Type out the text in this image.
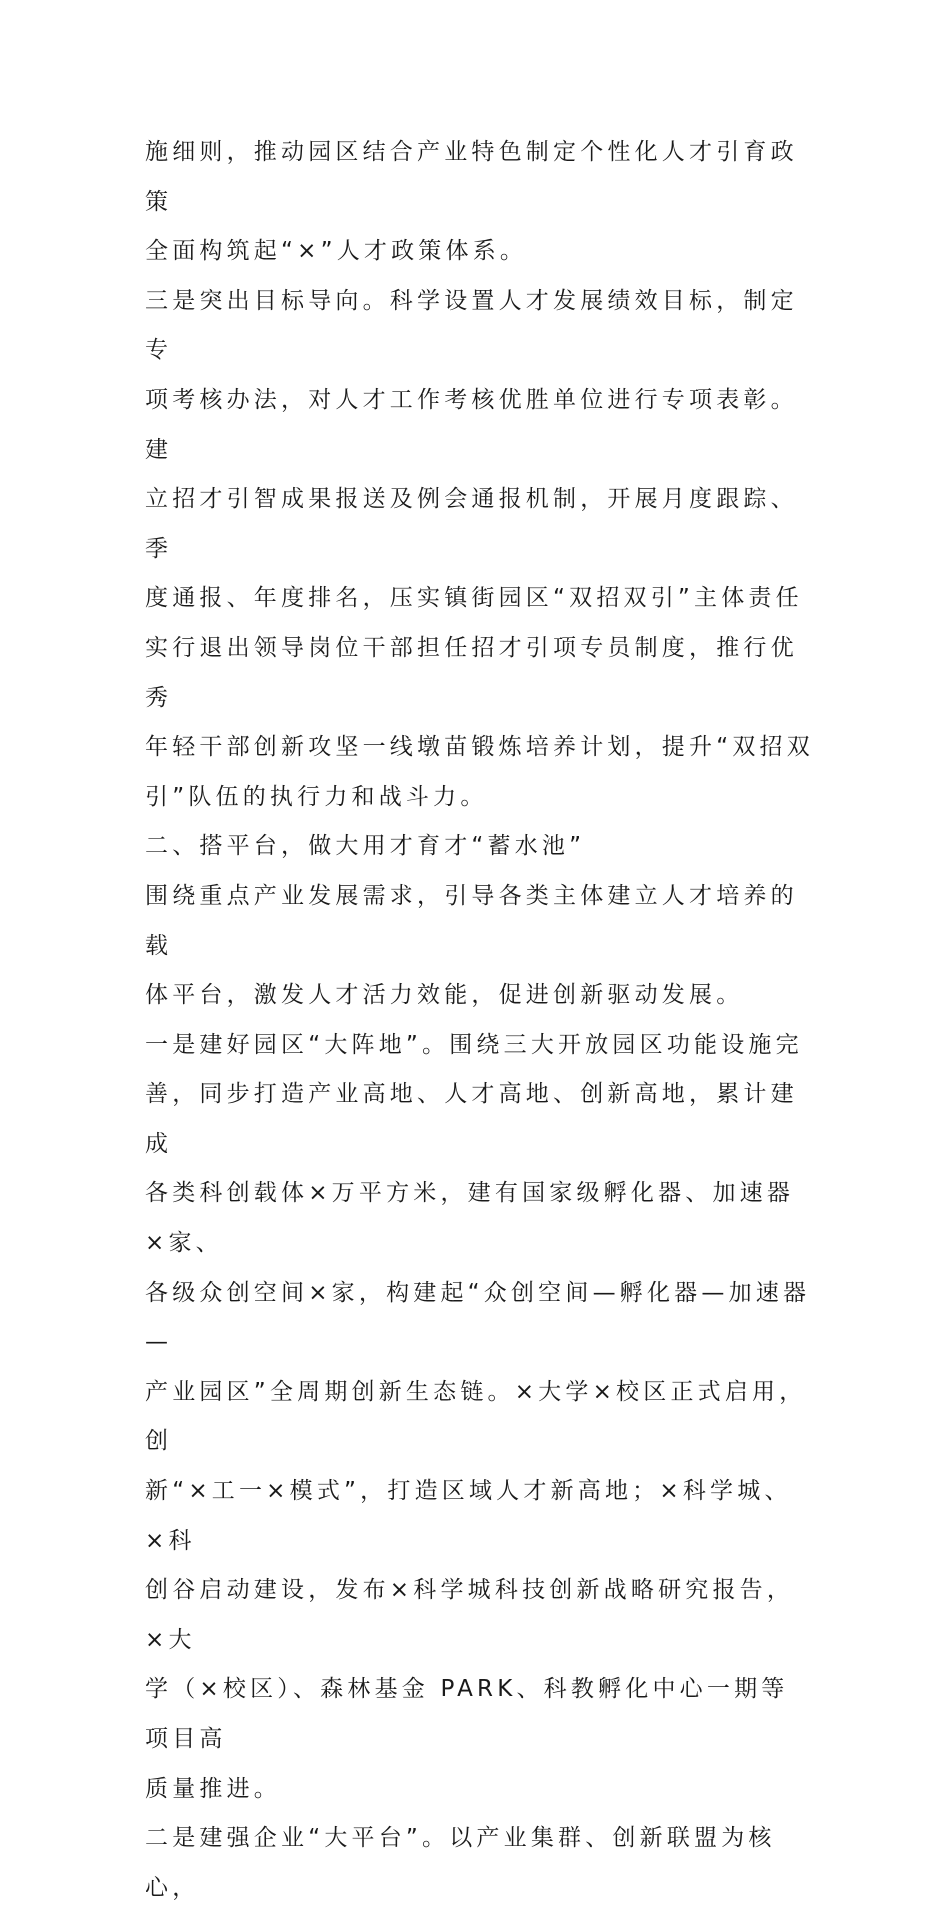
施细则，推动园区结合产业特色制定个性化人才引育政策
全面构筑起“×”人才政策体系。

三是突出目标导向。科学设置人才发展绩效目标，制定专
项考核办法，对人才工作考核优胜单位进行专项表彰。建
立招才引智成果报送及例会通报机制，开展月度跟踪、季
度通报、年度排名，压实镇街园区“双招双引”主体责任
实行退出领导岗位干部担任招才引项专员制度，推行优秀
年轻干部创新攻坚一线墩苗锻炼培养计划，提升“双招双
引”队伍的执行力和战斗力。

二、搭平台，做大用才育才“蓄水池”

围绕重点产业发展需求，引导各类主体建立人才培养的载
体平台，激发人才活力效能，促进创新驱动发展。

一是建好园区“大阵地”。围绕三大开放园区功能设施完
善，同步打造产业高地、人才高地、创新高地，累计建成
各类科创载体×万平方米，建有国家级孵化器、加速器×家、
各级众创空间×家，构建起“众创空间—孵化器—加速器—
产业园区”全周期创新生态链。×大学×校区正式启用，创
新“×工一×模式”，打造区域人才新高地；×科学城、×科
创谷启动建设，发布×科学城科技创新战略研究报告，×大
学（×校区）、森林基金 PARK、科教孵化中心一期等项目高
质量推进。

二是建强企业“大平台”。以产业集群、创新联盟为核心，
